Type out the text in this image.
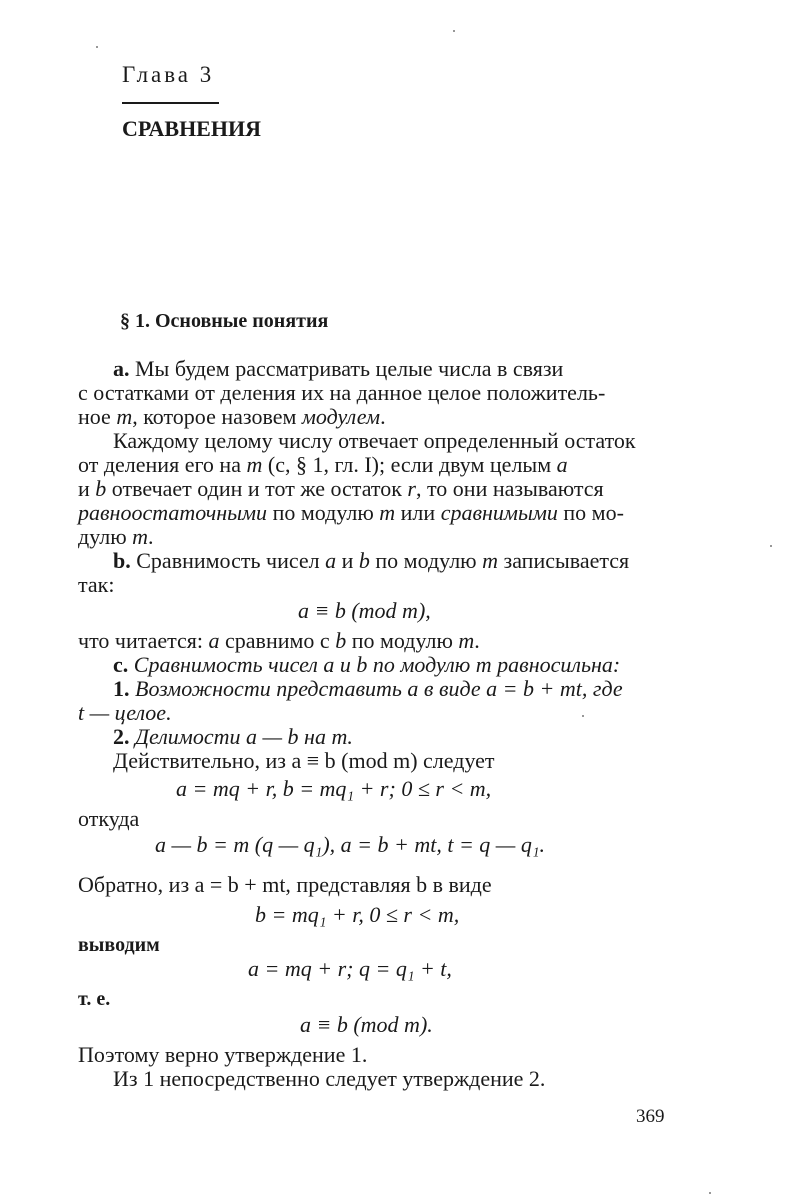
Глава 3
СРАВНЕНИЯ
§ 1. Основные понятия
а. Мы будем рассматривать целые числа в связи
с остатками от деления их на данное целое положитель-
ное m, которое назовем модулем.
Каждому целому числу отвечает определенный остаток
от деления его на m (с, § 1, гл. I); если двум целым a
и b отвечает один и тот же остаток r, то они называются
равноостаточными по модулю m или сравнимыми по мо-
дулю m.
b. Сравнимость чисел a и b по модулю m записывается
так:
a ≡ b (mod m),
что читается: a сравнимо с b по модулю m.
c. Сравнимость чисел a и b по модулю m равносильна:
1. Возможности представить a в виде a = b + mt, где
t — целое.
2. Делимости a — b на m.
Действительно, из a ≡ b (mod m) следует
a = mq + r, b = mq₁ + r; 0 ≤ r < m,
откуда
a — b = m (q — q₁), a = b + mt, t = q — q₁.
Обратно, из a = b + mt, представляя b в виде
b = mq₁ + r, 0 ≤ r < m,
выводим
a = mq + r; q = q₁ + t,
т. е.
a ≡ b (mod m).
Поэтому верно утверждение 1.
Из 1 непосредственно следует утверждение 2.
369
